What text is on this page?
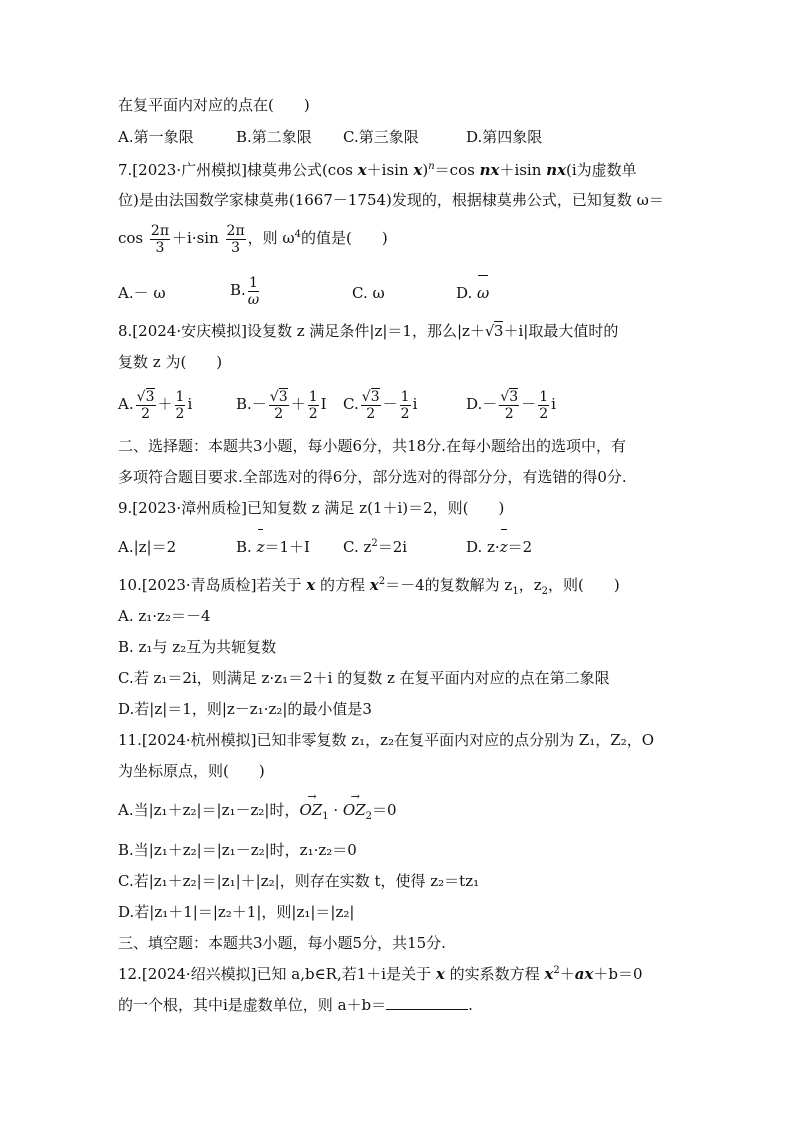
在复平面内对应的点在(　　)
A.第一象限	B.第二象限 C.第三象限	D.第四象限
7.[2023·广州模拟]棣莫弗公式(cos x＋isin x)$^n$＝cos nx＋isin nx(i为虚数单
位)是由法国数学家棣莫弗(1667－1754)发现的，根据棣莫弗公式，已知复数 ω＝
$\cos \frac{2\pi}{3} +i\cdot\sin \frac{2\pi}{3}$ ，则 $\omega^4$的值是(　　)
A.－ ω	B. $\frac{1}{\omega}$	C. ω	D. ω
8.[2024·安庆模拟]设复数 z 满足条件|z|＝1，那么|z＋ √ 3＋i|取最大值时的
复数 z 为(　　)
A. √ $\frac{3}{2} + \frac{1}{2}$ i	B.－ √ $\frac{3}{2} + \frac{1}{2}$ I C. √ $\frac{3}{2} - \frac{1}{2}$ i	D.－ √ $\frac{3}{2} - \frac{1}{2}$ i
二、选择题：本题共3小题，每小题6分，共18分.在每小题给出的选项中，有
多项符合题目要求.全部选对的得6分，部分选对的得部分分，有选错的得0分.
9.[2023·漳州质检]已知复数 z 满足 z(1＋i)＝2，则(　　)
A.|z|＝2	B. z＝1＋I C. $z^2=2i$	D. z·z＝2
10.[2023·青岛质检]若关于 x 的方程 $x^2=-4$的复数解为 $z_1$，$z_2$，则(　　)
A. z₁·z₂＝－4
B. z₁与 z₂互为共轭复数
C.若 z₁＝2i，则满足 z·z₁＝2＋i 的复数 z 在复平面内对应的点在第二象限
D.若|z|＝1，则|z－z₁·z₂|的最小值是3
11.[2024·杭州模拟]已知非零复数 z₁，z₂在复平面内对应的点分别为 Z₁，Z₂，O
为坐标原点，则(　　)
A.当|z₁＋z₂|＝|z₁－z₂|时，OZ $\to_1$ · OZ $\to_2=0$
B.当|z₁＋z₂|＝|z₁－z₂|时，z₁·z₂＝0
C.若|z₁＋z₂|＝|z₁|＋|z₂|，则存在实数 t，使得 z₂＝tz₁
D.若|z₁＋1|＝|z₂＋1|，则|z₁|＝|z₂|
三、填空题：本题共3小题，每小题5分，共15分.
12.[2024·绍兴模拟]已知 a,b∈R,若1＋i是关于 x 的实系数方程 $x^2+ax+b=0$
的一个根，其中i是虚数单位，则 a＋b＝	.
